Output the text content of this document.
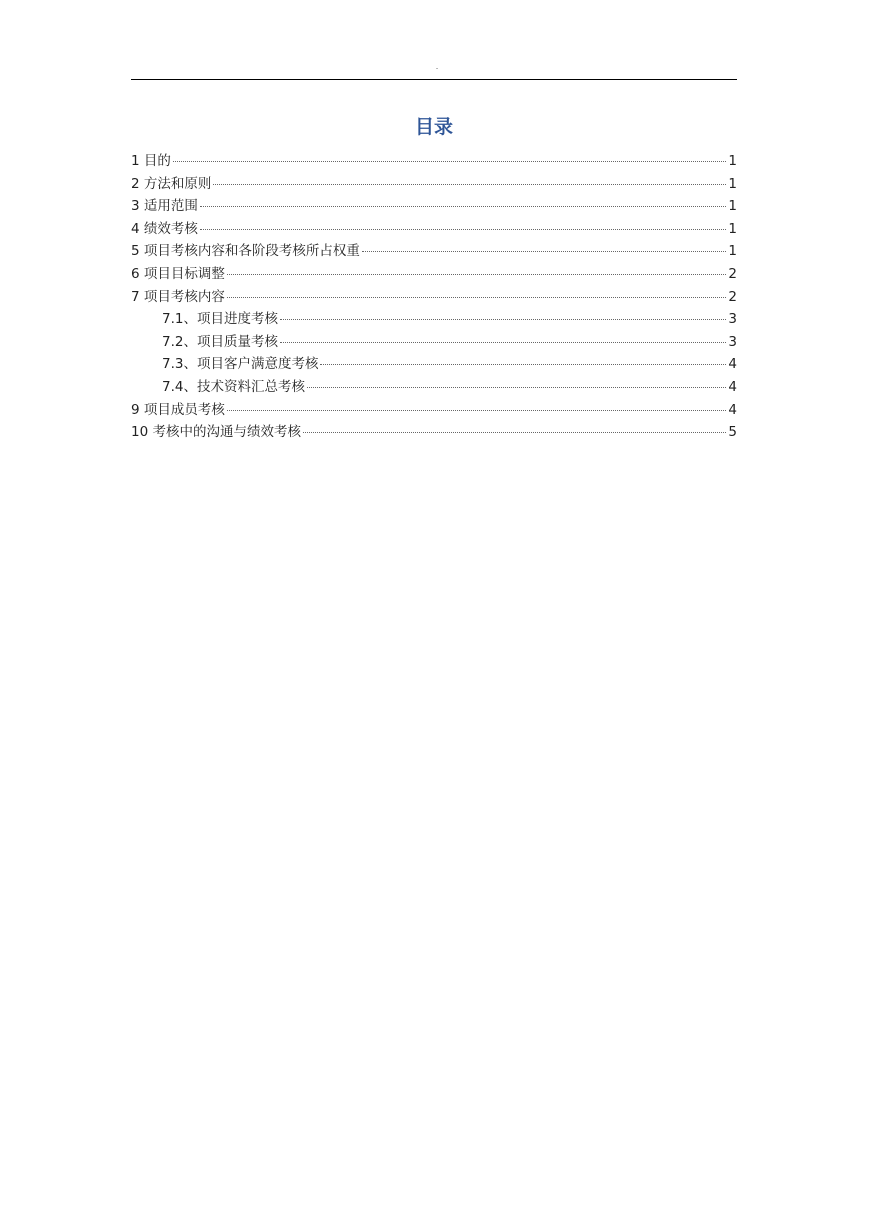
.
目录
1 目的	1
2 方法和原则	1
3 适用范围	1
4 绩效考核	1
5 项目考核内容和各阶段考核所占权重	1
6 项目目标调整	2
7 项目考核内容	2
7.1、项目进度考核	3
7.2、项目质量考核	3
7.3、项目客户满意度考核	4
7.4、技术资料汇总考核	4
9 项目成员考核	4
10 考核中的沟通与绩效考核	5
